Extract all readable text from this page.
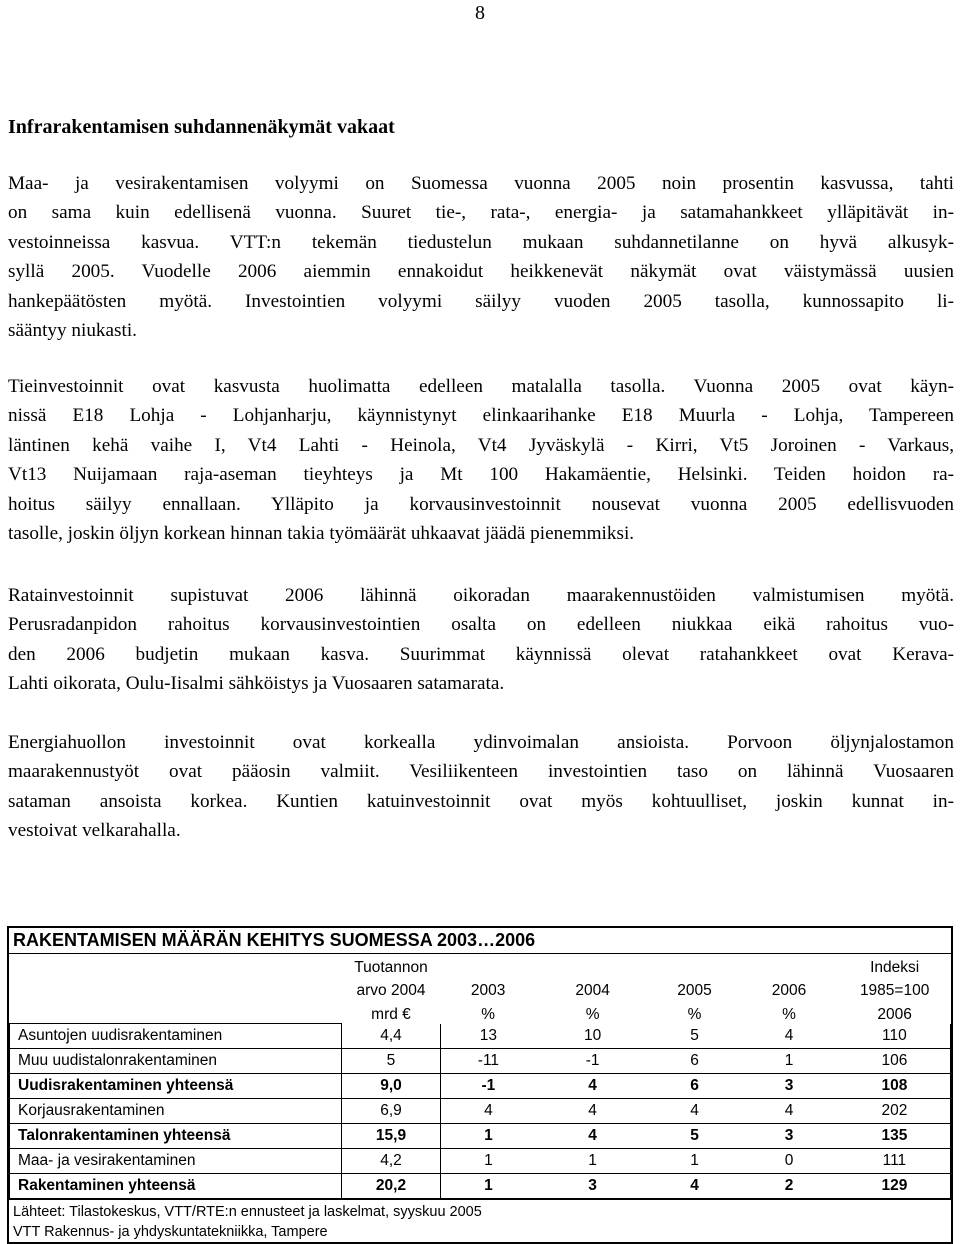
8
Infrarakentamisen suhdannenäkymät vakaat
Maa- ja vesirakentamisen volyymi on Suomessa vuonna 2005 noin prosentin kasvussa, tahti
on sama kuin edellisenä vuonna. Suuret tie-, rata-, energia- ja satamahankkeet ylläpitävät in-
vestoinneissa kasvua. VTT:n tekemän tiedustelun mukaan suhdannetilanne on hyvä alkusyk-
syllä 2005. Vuodelle 2006 aiemmin ennakoidut heikkenevät näkymät ovat väistymässä uusien
hankepäätösten myötä. Investointien volyymi säilyy vuoden 2005 tasolla, kunnossapito li-
sääntyy niukasti.
Tieinvestoinnit ovat kasvusta huolimatta edelleen matalalla tasolla. Vuonna 2005 ovat käyn-
nissä E18 Lohja - Lohjanharju, käynnistynyt elinkaarihanke E18 Muurla - Lohja, Tampereen
läntinen kehä vaihe I, Vt4 Lahti - Heinola, Vt4 Jyväskylä - Kirri, Vt5 Joroinen - Varkaus,
Vt13 Nuijamaan raja-aseman tieyhteys ja Mt 100 Hakamäentie, Helsinki. Teiden hoidon ra-
hoitus säilyy ennallaan. Ylläpito ja korvausinvestoinnit nousevat vuonna 2005 edellisvuoden
tasolle, joskin öljyn korkean hinnan takia työmäärät uhkaavat jäädä pienemmiksi.
Ratainvestoinnit supistuvat 2006 lähinnä oikoradan maarakennustöiden valmistumisen myötä.
Perusradanpidon rahoitus korvausinvestointien osalta on edelleen niukkaa eikä rahoitus vuo-
den 2006 budjetin mukaan kasva. Suurimmat käynnissä olevat ratahankkeet ovat Kerava-
Lahti oikorata, Oulu-Iisalmi sähköistys ja Vuosaaren satamarata.
Energiahuollon investoinnit ovat korkealla ydinvoimalan ansioista. Porvoon öljynjalostamon
maarakennustyöt ovat pääosin valmiit. Vesiliikenteen investointien taso on lähinnä Vuosaaren
sataman ansoista korkea. Kuntien katuinvestoinnit ovat myös kohtuulliset, joskin kunnat in-
vestoivat velkarahalla.
RAKENTAMISEN MÄÄRÄN KEHITYS SUOMESSA 2003…2006
	Tuotannon					Indeksi
	arvo 2004	2003	2004	2005	2006	1985=100
	mrd €	%	%	%	%	2006
Asuntojen uudisrakentaminen	4,4	13	10	5	4	110
Muu uudistalonrakentaminen	5	-11	-1	6	1	106
Uudisrakentaminen yhteensä	9,0	-1	4	6	3	108
Korjausrakentaminen	6,9	4	4	4	4	202
Talonrakentaminen yhteensä	15,9	1	4	5	3	135
Maa- ja vesirakentaminen	4,2	1	1	1	0	111
Rakentaminen yhteensä	20,2	1	3	4	2	129
Lähteet: Tilastokeskus, VTT/RTE:n ennusteet ja laskelmat, syyskuu 2005
VTT Rakennus- ja yhdyskuntatekniikka, Tampere
